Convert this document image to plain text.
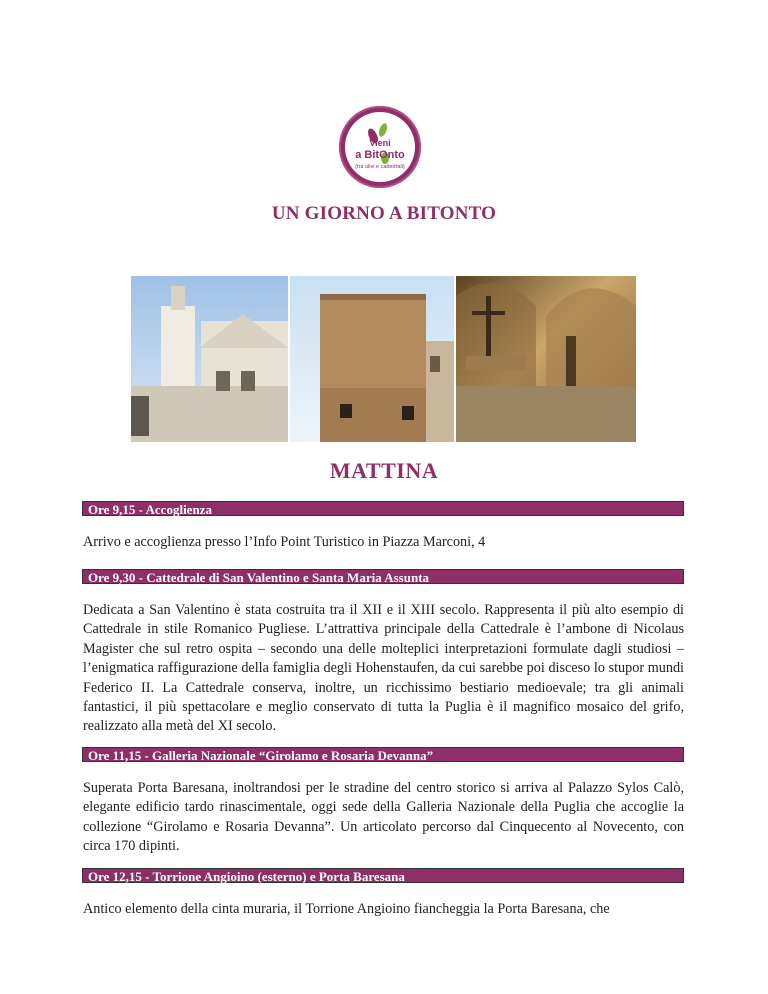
Vieni
a BitOnto
(tra ulivi e cattedrali)
UN GIORNO A BITONTO
MATTINA
Ore 9,15 - Accoglienza
Arrivo e accoglienza presso l’Info Point Turistico in Piazza Marconi, 4
Ore 9,30 - Cattedrale di San Valentino e Santa Maria Assunta
Dedicata a San Valentino è stata costruita tra il XII e il XIII secolo. Rappresenta il più alto esempio di Cattedrale in stile Romanico Pugliese. L’attrattiva principale della Cattedrale è l’ambone di Nicolaus Magister che sul retro ospita – secondo una delle molteplici interpretazioni formulate dagli studiosi – l’enigmatica raffigurazione della famiglia degli Hohenstaufen, da cui sarebbe poi disceso lo stupor mundi Federico II. La Cattedrale conserva, inoltre, un ricchissimo bestiario medioevale; tra gli animali fantastici, il più spettacolare e meglio conservato di tutta la Puglia è il magnifico mosaico del grifo, realizzato alla metà del XI secolo.
Ore 11,15 - Galleria Nazionale “Girolamo e Rosaria Devanna”
Superata Porta Baresana, inoltrandosi per le stradine del centro storico si arriva al Palazzo Sylos Calò, elegante edificio tardo rinascimentale, oggi sede della Galleria Nazionale della Puglia che accoglie la collezione “Girolamo e Rosaria Devanna”. Un articolato percorso dal Cinquecento al Novecento, con circa 170 dipinti.
Ore 12,15 - Torrione Angioino (esterno) e Porta Baresana
Antico elemento della cinta muraria, il Torrione Angioino fiancheggia la Porta Baresana, che
